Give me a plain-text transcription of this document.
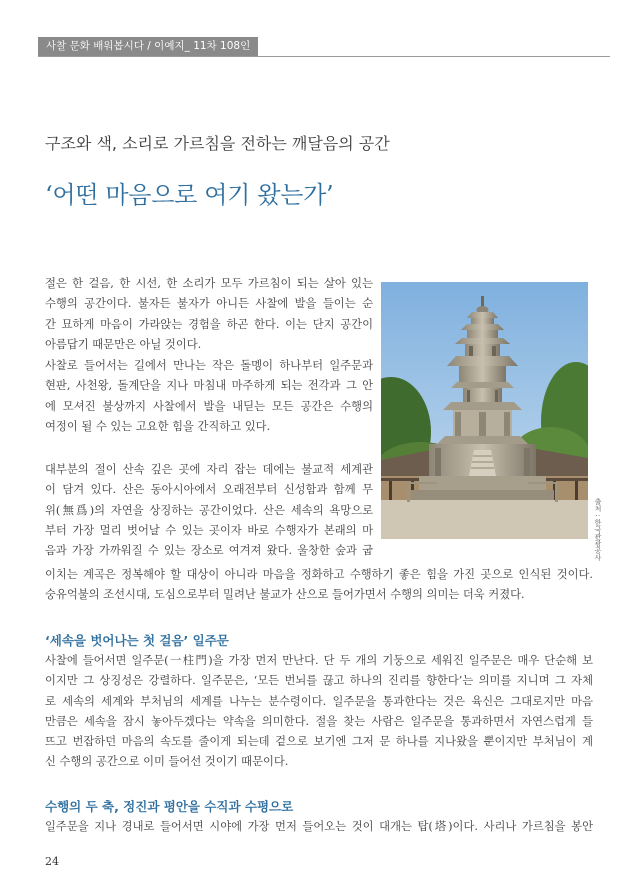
사찰 문화 배워봅시다 / 이예지_ 11차 108인
구조와 색, 소리로 가르침을 전하는 깨달음의 공간
‘어떤 마음으로 여기 왔는가’
절은 한 걸음, 한 시선, 한 소리가 모두 가르침이 되는 살아 있는
수행의 공간이다. 불자든 불자가 아니든 사찰에 발을 들이는 순
간 묘하게 마음이 가라앉는 경험을 하곤 한다. 이는 단지 공간이
아름답기 때문만은 아닐 것이다.
사찰로 들어서는 길에서 만나는 작은 돌멩이 하나부터 일주문과
현판, 사천왕, 돌계단을 지나 마침내 마주하게 되는 전각과 그 안
에 모셔진 불상까지 사찰에서 발을 내딛는 모든 공간은 수행의
여정이 될 수 있는 고요한 힘을 간직하고 있다.
대부분의 절이 산속 깊은 곳에 자리 잡는 데에는 불교적 세계관
이 담겨 있다. 산은 동아시아에서 오래전부터 신성함과 함께 무
위(無爲)의 자연을 상징하는 공간이었다. 산은 세속의 욕망으로
부터 가장 멀리 벗어날 수 있는 곳이자 바로 수행자가 본래의 마
음과 가장 가까워질 수 있는 장소로 여겨져 왔다. 울창한 숲과 굽
이치는 계곡은 정복해야 할 대상이 아니라 마음을 정화하고 수행하기 좋은 힘을 가진 곳으로 인식된 것이다.
숭유억불의 조선시대, 도심으로부터 밀려난 불교가 산으로 들어가면서 수행의 의미는 더욱 커졌다.
‘세속을 벗어나는 첫 걸음’ 일주문
사찰에 들어서면 일주문(一柱門)을 가장 먼저 만난다. 단 두 개의 기둥으로 세워진 일주문은 매우 단순해 보
이지만 그 상징성은 강렬하다. 일주문은, ‘모든 번뇌를 끊고 하나의 진리를 향한다’는 의미를 지니며 그 자체
로 세속의 세계와 부처님의 세계를 나누는 분수령이다. 일주문을 통과한다는 것은 육신은 그대로지만 마음
만큼은 세속을 잠시 놓아두겠다는 약속을 의미한다. 절을 찾는 사람은 일주문을 통과하면서 자연스럽게 들
뜨고 번잡하던 마음의 속도를 줄이게 되는데 겉으로 보기엔 그저 문 하나를 지나왔을 뿐이지만 부처님이 계
신 수행의 공간으로 이미 들어선 것이기 때문이다.
수행의 두 축, 정진과 평안을 수직과 수평으로
일주문을 지나 경내로 들어서면 시야에 가장 먼저 들어오는 것이 대개는 탑(塔)이다. 사리나 가르침을 봉안
출처 : 한국관광공사
24
